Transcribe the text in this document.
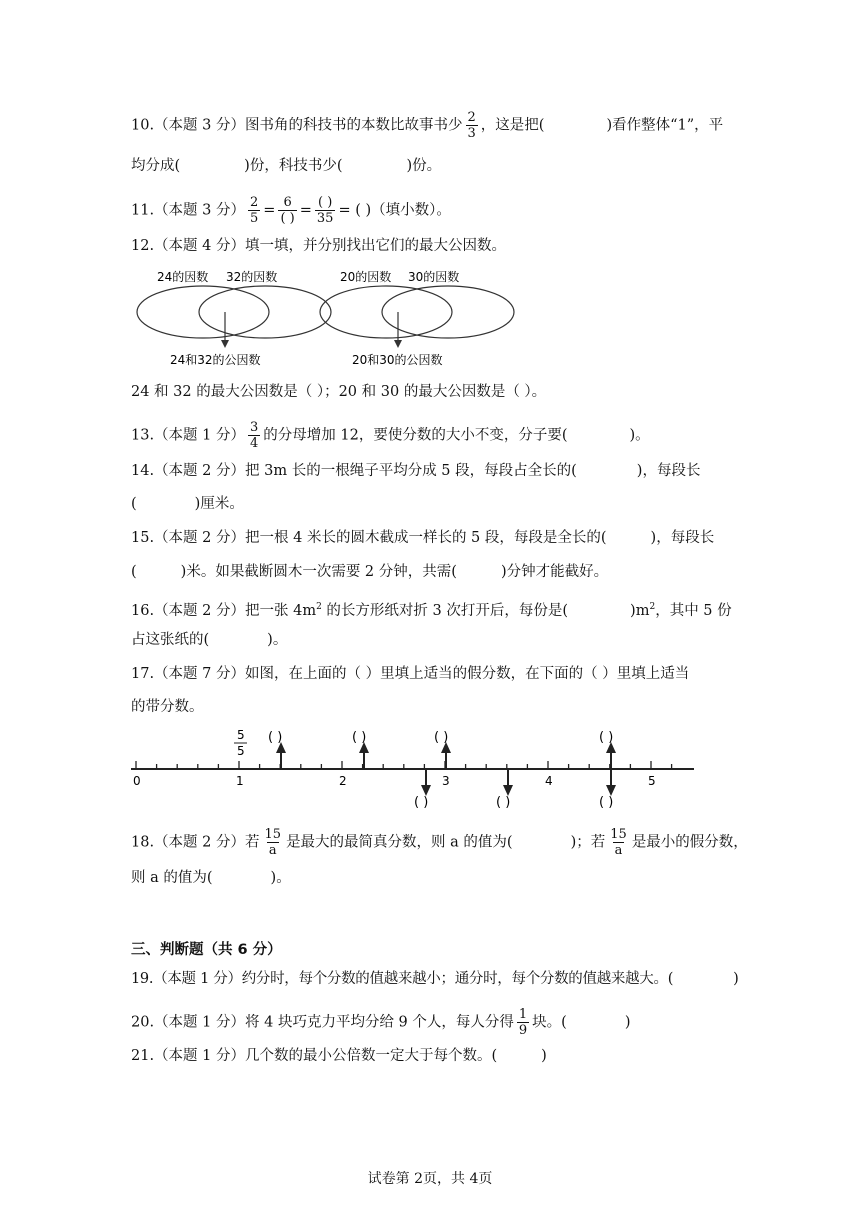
10.（本题 3 分）图书角的科技书的本数比故事书少 $\frac{2}{3}$ ，这是把(	)看作整体“1”，平
均分成(	)份，科技书少(	)份。
11.（本题 3 分） $\frac{2}{5} = \frac{6}{( )} = \frac{( )}{35}$ = ( )（填小数）。
12.（本题 4 分）填一填，并分别找出它们的最大公因数。
24的因数 32的因数
24和32的公因数
20的因数 30的因数
20和30的公因数
24 和 32 的最大公因数是（ ）；20 和 30 的最大公因数是（ ）。
13.（本题 1 分） $\frac{3}{4}$ 的分母增加 12，要使分数的大小不变，分子要(	)。
14.（本题 2 分）把 3m 长的一根绳子平均分成 5 段，每段占全长的(	)，每段长
(	)厘米。
15.（本题 2 分）把一根 4 米长的圆木截成一样长的 5 段，每段是全长的(	)，每段长
(	)米。如果截断圆木一次需要 2 分钟，共需(	)分钟才能截好。
16.（本题 2 分）把一张 $4m^2$ 的长方形纸对折 3 次打开后，每份是(	)$m^2$，其中 5 份
占这张纸的(	)。
17.（本题 7 分）如图，在上面的（ ）里填上适当的假分数，在下面的（ ）里填上适当
的带分数。
0	1	2	3	4	5
5
5
( )	( )	( )	( )
( )	( )	( )
18.（本题 2 分）若 $\frac{15}{a}$ 是最大的最简真分数，则 a 的值为(	)；若 $\frac{15}{a}$ 是最小的假分数，
则 a 的值为(	)。
三、判断题（共 6 分）
19.（本题 1 分）约分时，每个分数的值越来越小；通分时，每个分数的值越来越大。(	)
20.（本题 1 分）将 4 块巧克力平均分给 9 个人，每人分得 $\frac{1}{9}$ 块。(	)
21.（本题 1 分）几个数的最小公倍数一定大于每个数。(	)
试卷第 2页，共 4页
